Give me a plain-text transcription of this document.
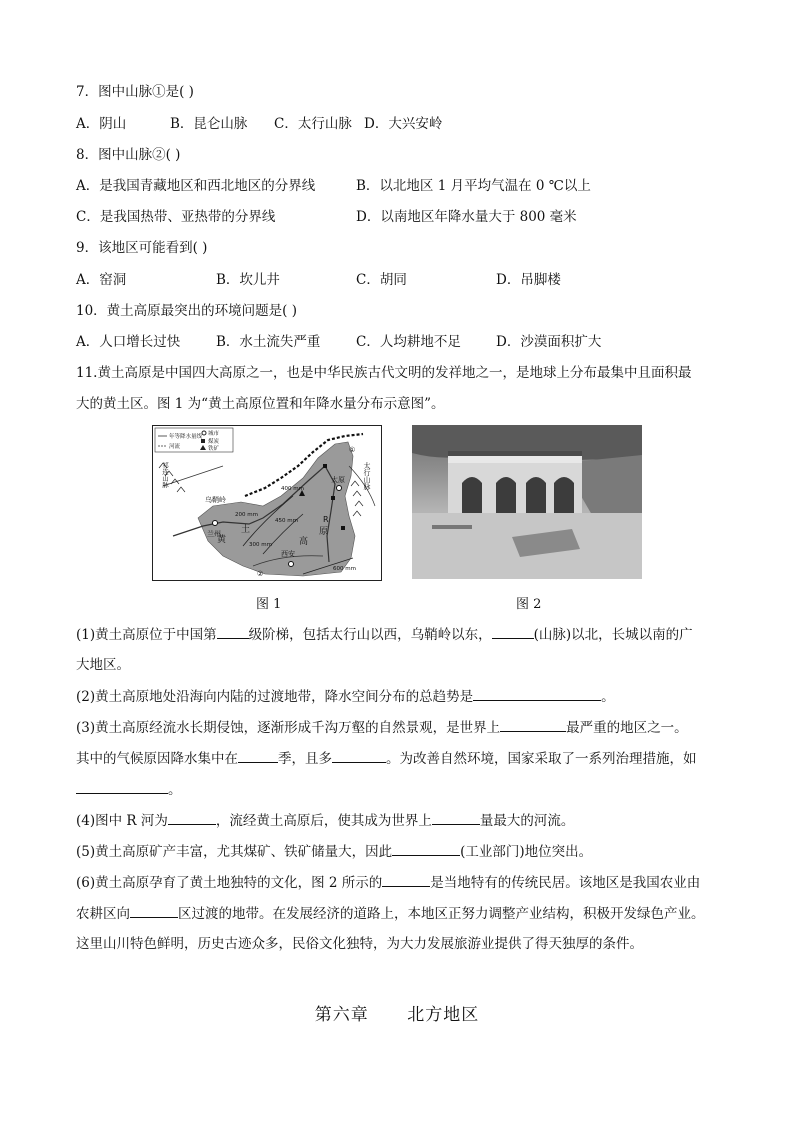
7．图中山脉①是( )
A．阴山	B．昆仑山脉	C．太行山脉 D．大兴安岭
8．图中山脉②( )
A．是我国青藏地区和西北地区的分界线	B．以北地区 1 月平均气温在 0 ℃以上
C．是我国热带、亚热带的分界线	D．以南地区年降水量大于 800 毫米
9．该地区可能看到( )
A．窑洞	B．坎儿井	C．胡同	D．吊脚楼
10．黄土高原最突出的环境问题是( )
A．人口增长过快	B．水土流失严重	C．人均耕地不足	D．沙漠面积扩大
11.黄土高原是中国四大高原之一，也是中华民族古代文明的发祥地之一，是地球上分布最集中且面积最
大的黄土区。图 1 为“黄土高原位置和年降水量分布示意图”。
年等降水量线
河流
城市
煤炭
铁矿
乌鞘岭
兰州
黄
土
高
原
R
太原
西安
太行山脉
祁连山脉
200 mm
300 mm
400 mm
450 mm
600 mm
①
②
图 1	图 2
(1)黄土高原位于中国第 级阶梯，包括太行山以西，乌鞘岭以东，	(山脉)以北，长城以南的广
大地区。
(2)黄土高原地处沿海向内陆的过渡地带，降水空间分布的总趋势是	。
(3)黄土高原经流水长期侵蚀，逐渐形成千沟万壑的自然景观，是世界上	最严重的地区之一。
其中的气候原因降水集中在	季，且多	。为改善自然环境，国家采取了一系列治理措施，如
。
(4)图中 R 河为	，流经黄土高原后，使其成为世界上	量最大的河流。
(5)黄土高原矿产丰富，尤其煤矿、铁矿储量大，因此	(工业部门)地位突出。
(6)黄土高原孕育了黄土地独特的文化，图 2 所示的	是当地特有的传统民居。该地区是我国农业由
农耕区向	区过渡的地带。在发展经济的道路上，本地区正努力调整产业结构，积极开发绿色产业。
这里山川特色鲜明，历史古迹众多，民俗文化独特，为大力发展旅游业提供了得天独厚的条件。
第六章      北方地区
